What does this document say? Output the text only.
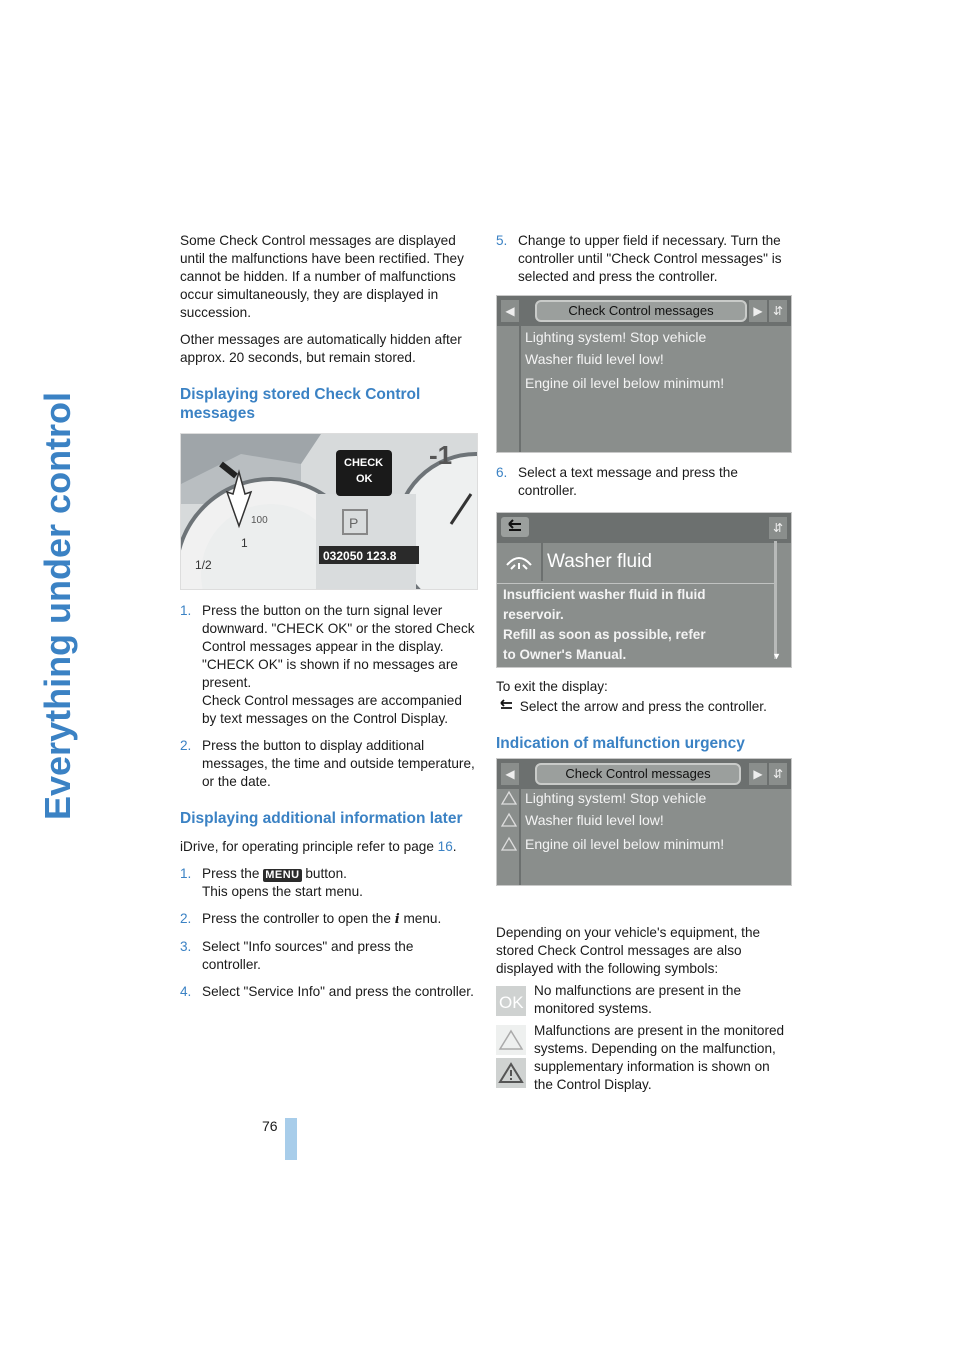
Everything under control
76

Some Check Control messages are displayed until the malfunctions have been rectified. They cannot be hidden. If a number of malfunctions occur simultaneously, they are displayed in succession.

Other messages are automatically hidden after approx. 20 seconds, but remain stored.

Displaying stored Check Control messages
CHECK
OK
P
032050 123.8
1/2
1
100
-1
1. Press the button on the turn signal lever downward. "CHECK OK" or the stored Check Control messages appear in the display.
"CHECK OK" is shown if no messages are present.
Check Control messages are accompanied by text messages on the Control Display.
2. Press the button to display additional messages, the time and outside temperature, or the date.
Displaying additional information later

iDrive, for operating principle refer to page 16.

1. Press the MENU button.
This opens the start menu.
2. Press the controller to open the i menu.
3. Select "Info sources" and press the controller.
4. Select "Service Info" and press the controller.
5. Change to upper field if necessary. Turn the controller until "Check Control messages" is selected and press the controller.
◀	Check Control messages	▶ ⇵
Lighting system! Stop vehicle
Washer fluid level low!
Engine oil level below minimum!
6. Select a text message and press the controller.
⇵
Washer fluid
Insufficient washer fluid in fluid
reservoir.
Refill as soon as possible, refer
to Owner's Manual.	▼

To exit the display:

Select the arrow and press the controller.

Indication of malfunction urgency
◀	Check Control messages	▶ ⇵
Lighting system! Stop vehicle
Washer fluid level low!
Engine oil level below minimum!

Depending on your vehicle's equipment, the stored Check Control messages are also displayed with the following symbols:

OK
No malfunctions are present in the monitored systems.
Malfunctions are present in the monitored systems. Depending on the malfunction, supplementary information is shown on the Control Display.
